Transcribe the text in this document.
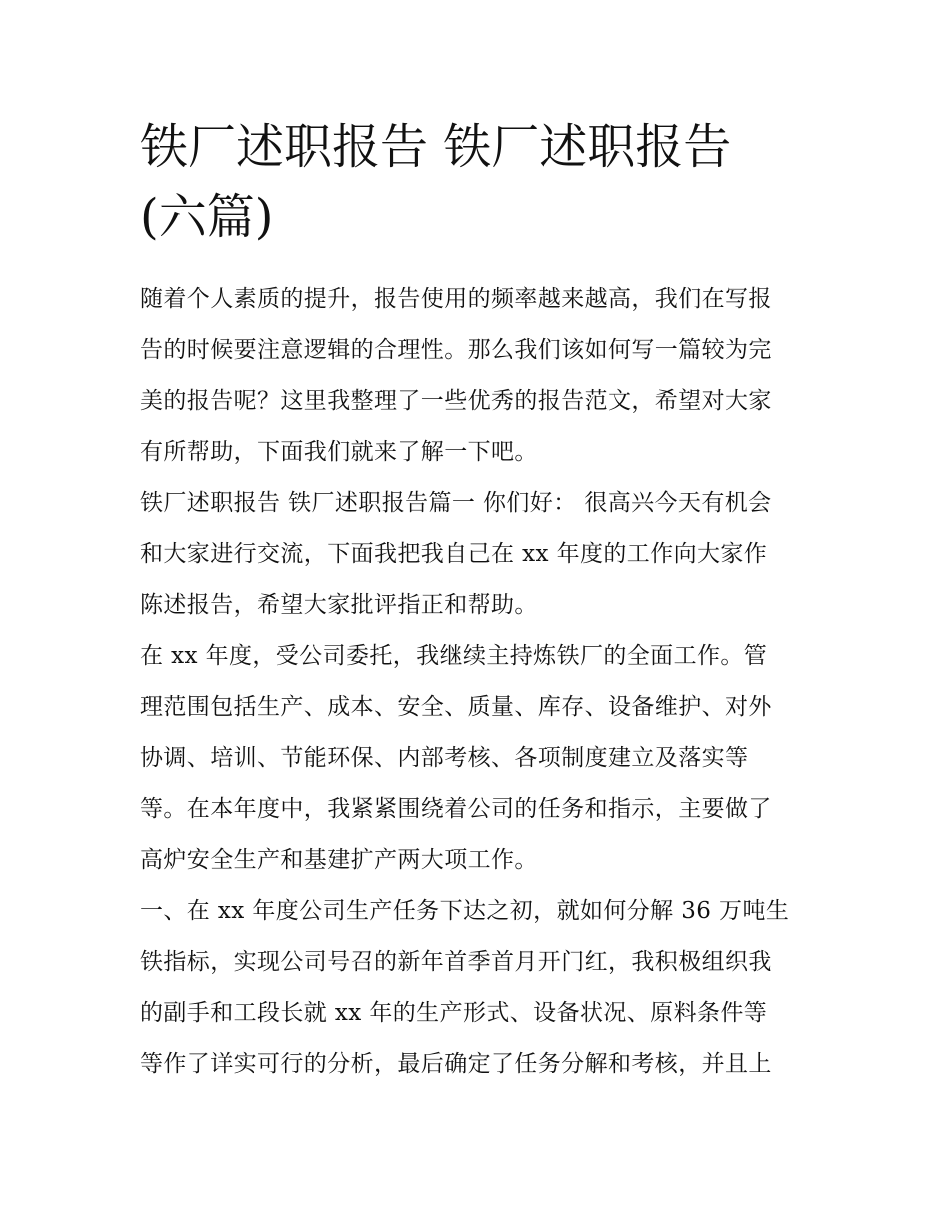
铁厂述职报告 铁厂述职报告
(六篇)

随着个人素质的提升，报告使用的频率越来越高，我们在写报
告的时候要注意逻辑的合理性。那么我们该如何写一篇较为完
美的报告呢？这里我整理了一些优秀的报告范文，希望对大家
有所帮助，下面我们就来了解一下吧。

铁厂述职报告 铁厂述职报告篇一 你们好： 很高兴今天有机会
和大家进行交流，下面我把我自己在 xx 年度的工作向大家作
陈述报告，希望大家批评指正和帮助。

在 xx 年度，受公司委托，我继续主持炼铁厂的全面工作。管
理范围包括生产、成本、安全、质量、库存、设备维护、对外
协调、培训、节能环保、内部考核、各项制度建立及落实等
等。在本年度中，我紧紧围绕着公司的任务和指示，主要做了
高炉安全生产和基建扩产两大项工作。

一、在 xx 年度公司生产任务下达之初，就如何分解 36 万吨生
铁指标，实现公司号召的新年首季首月开门红，我积极组织我
的副手和工段长就 xx 年的生产形式、设备状况、原料条件等
等作了详实可行的分析，最后确定了任务分解和考核，并且上
